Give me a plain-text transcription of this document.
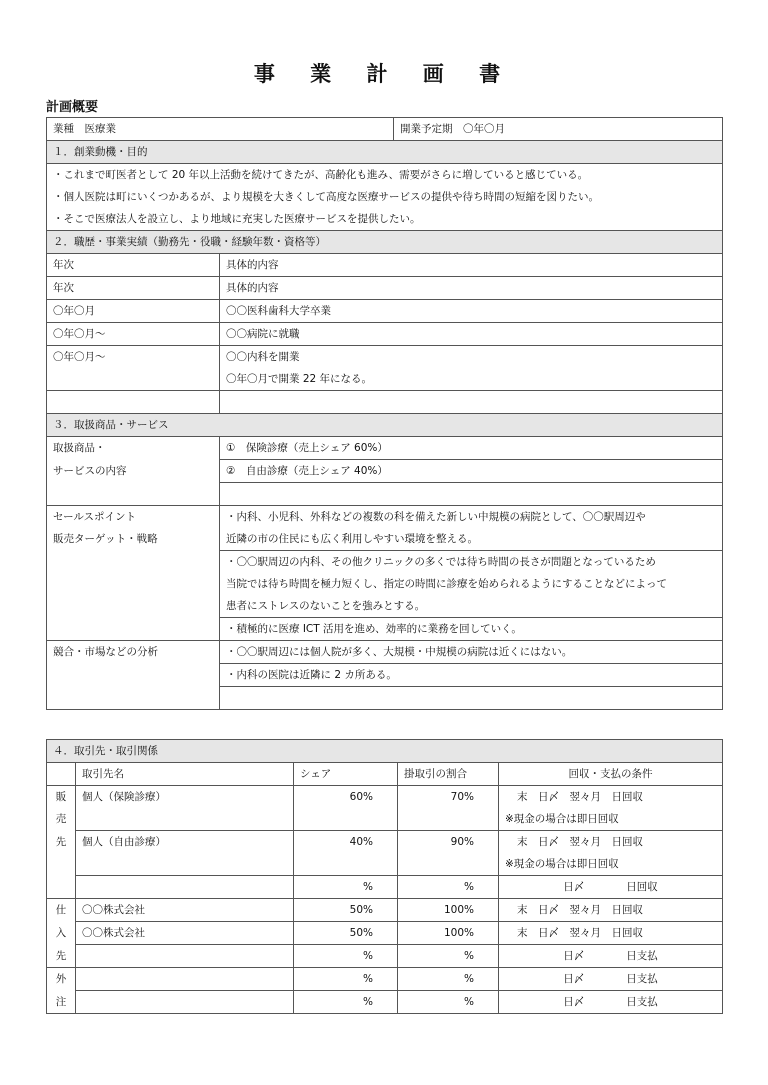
事 業 計 画 書
計画概要
業種　 医療業		開業予定期　 〇年〇月
１．創業動機・目的		
・これまで町医者として 20 年以上活動を続けてきたが、高齢化も進み、需要がさらに増していると感じている。		
・個人医院は町にいくつかあるが、より規模を大きくして高度な医療サービスの提供や待ち時間の短縮を図りたい。		
・そこで医療法人を設立し、より地域に充実した医療サービスを提供したい。		
２．職歴・事業実績（勤務先・役職・経験年数・資格等）		
年次	具体的内容	
年次	具体的内容	
〇年〇月	〇〇医科歯科大学卒業	
〇年〇月～	〇〇病院に就職	
〇年〇月～	〇〇内科を開業	
	〇年〇月で開業 22 年になる。	

３．取扱商品・サービス		
取扱商品・	①　保険診療（売上シェア 60%）	
サービスの内容	②　自由診療（売上シェア 40%）	

セールスポイント	・内科、小児科、外科などの複数の科を備えた新しい中規模の病院として、〇〇駅周辺や	
販売ターゲット・戦略	近隣の市の住民にも広く利用しやすい環境を整える。	
	・〇〇駅周辺の内科、その他クリニックの多くでは待ち時間の長さが問題となっているため	
	当院では待ち時間を極力短くし、指定の時間に診療を始められるようにすることなどによって	
	患者にストレスのないことを強みとする。	
	・積極的に医療 ICT 活用を進め、効率的に業務を回していく。	
競合・市場などの分析	・〇〇駅周辺には個人院が多く、大規模・中規模の病院は近くにはない。	
	・内科の医院は近隣に 2 カ所ある。	

４．取引先・取引関係				
	取引先名	シェア	掛取引の割合	回収・支払の条件
販	個人（保険診療）	60%	70%	末　日〆　翌々月　日回収
売				※現金の場合は即日回収
先	個人（自由診療）	40%	90%	末　日〆　翌々月　日回収
				※現金の場合は即日回収
		%	%	日〆　　　　日回収
仕	〇〇株式会社	50%	100%	末　日〆　翌々月　日回収
入	〇〇株式会社	50%	100%	末　日〆　翌々月　日回収
先		%	%	日〆　　　　日支払
外		%	%	日〆　　　　日支払
注		%	%	日〆　　　　日支払
